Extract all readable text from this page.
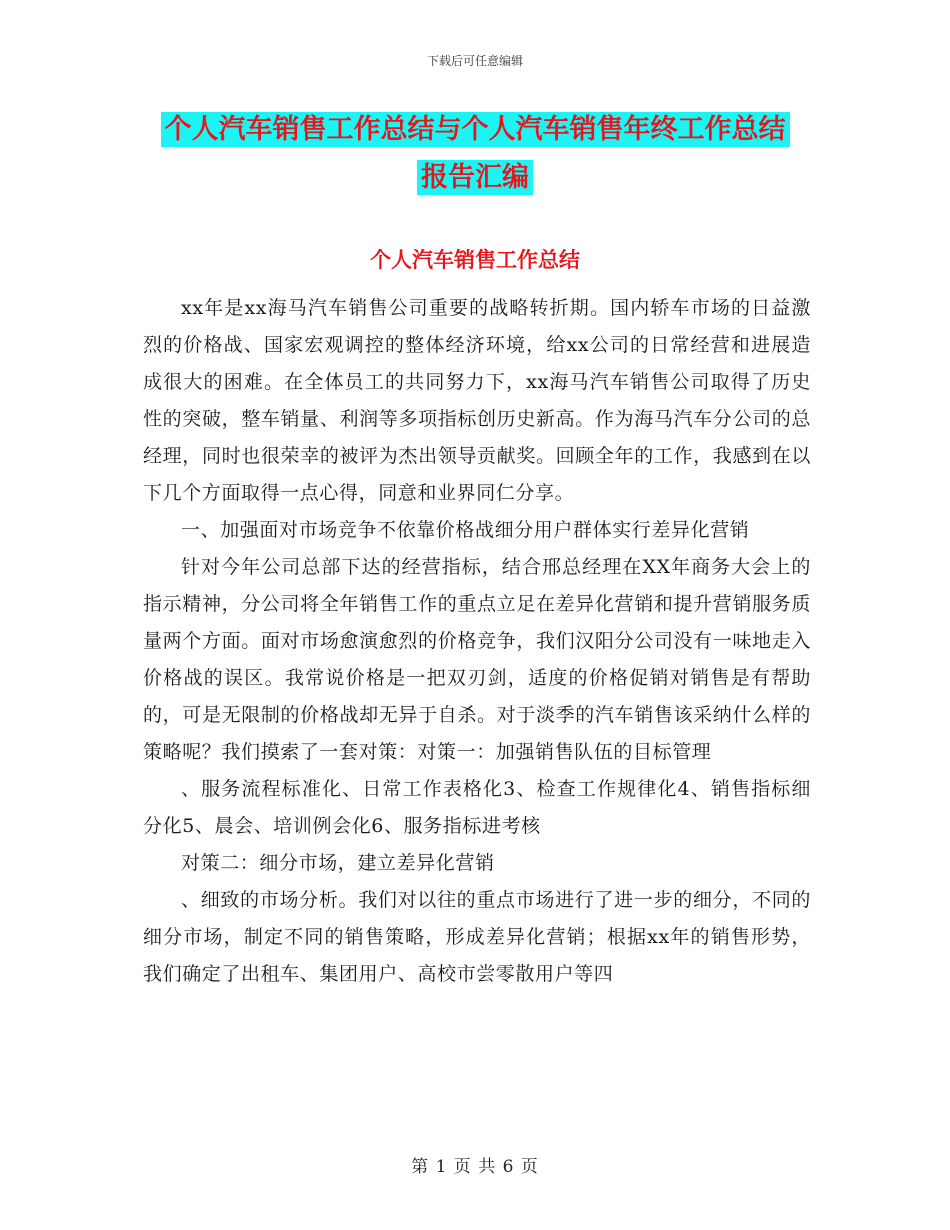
下载后可任意编辑
个人汽车销售工作总结与个人汽车销售年终工作总结
报告汇编
个人汽车销售工作总结

xx年是xx海马汽车销售公司重要的战略转折期。国内轿车市场的日益激烈的价格战、国家宏观调控的整体经济环境，给xx公司的日常经营和进展造成很大的困难。在全体员工的共同努力下，xx海马汽车销售公司取得了历史性的突破，整车销量、利润等多项指标创历史新高。作为海马汽车分公司的总经理，同时也很荣幸的被评为杰出领导贡献奖。回顾全年的工作，我感到在以下几个方面取得一点心得，同意和业界同仁分享。

一、加强面对市场竞争不依靠价格战细分用户群体实行差异化营销

针对今年公司总部下达的经营指标，结合邢总经理在XX年商务大会上的指示精神，分公司将全年销售工作的重点立足在差异化营销和提升营销服务质量两个方面。面对市场愈演愈烈的价格竞争，我们汉阳分公司没有一味地走入价格战的误区。我常说价格是一把双刃剑，适度的价格促销对销售是有帮助的，可是无限制的价格战却无异于自杀。对于淡季的汽车销售该采纳什么样的策略呢？我们摸索了一套对策：对策一：加强销售队伍的目标管理

、服务流程标准化、日常工作表格化3、检查工作规律化4、销售指标细分化5、晨会、培训例会化6、服务指标进考核

对策二：细分市场，建立差异化营销

、细致的市场分析。我们对以往的重点市场进行了进一步的细分，不同的细分市场，制定不同的销售策略，形成差异化营销；根据xx年的销售形势，我们确定了出租车、集团用户、高校市尝零散用户等四

第 1 页 共 6 页
